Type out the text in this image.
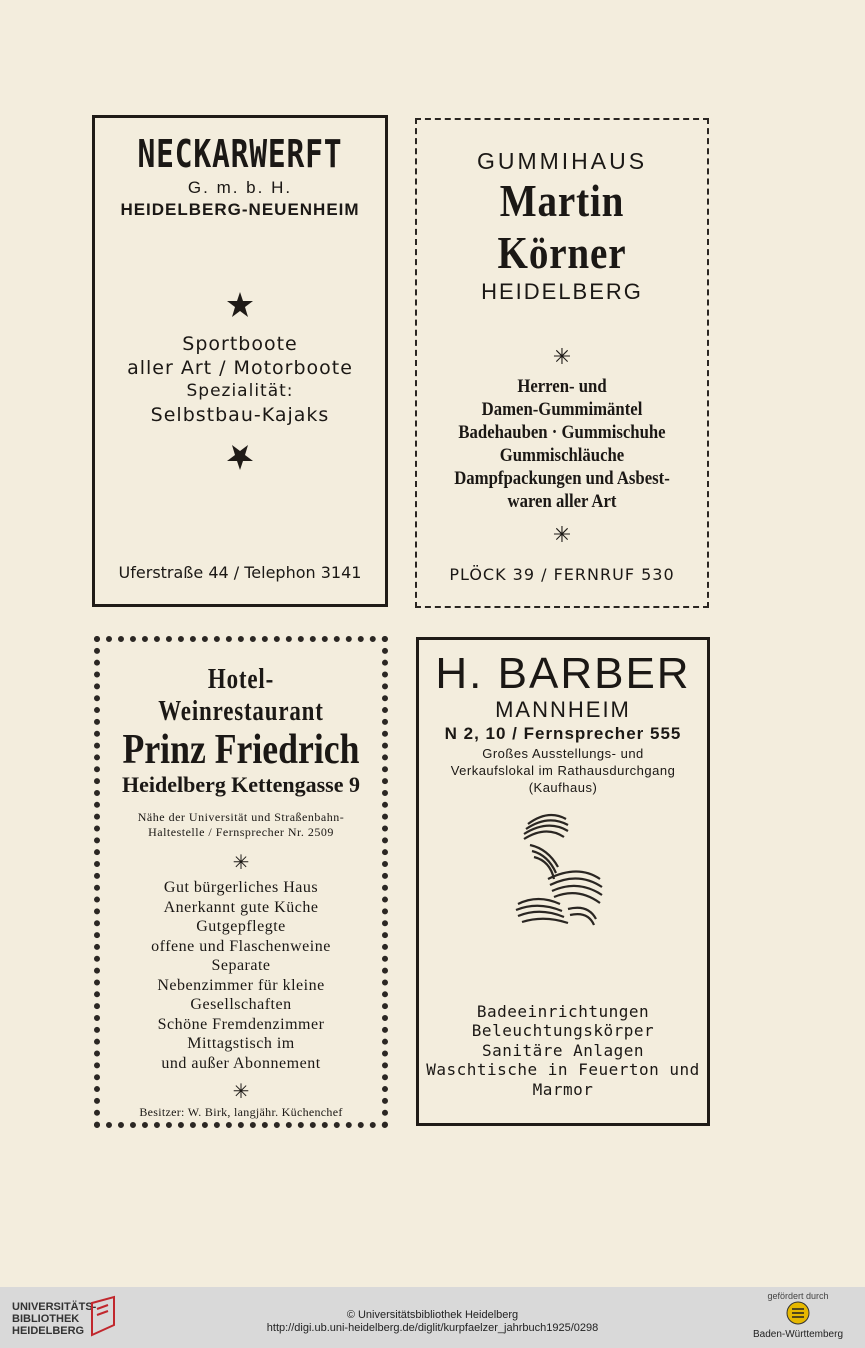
NECKARWERFT
G. m. b. H.
HEIDELBERG-NEUENHEIM
Sportboote
aller Art / Motorboote
Spezialität:
Selbstbau-Kajaks
Uferstraße 44 / Telephon 3141
GUMMIHAUS
Martin Körner
HEIDELBERG
✳
Herren- und
Damen-Gummimäntel
Badehauben · Gummischuhe
Gummischläuche
Dampfpackungen und Asbest-
waren aller Art
✳
PLÖCK 39 / FERNRUF 530
Hotel-Weinrestaurant
Prinz Friedrich
Heidelberg Kettengasse 9
Nähe der Universität und Straßenbahn-
Haltestelle / Fernsprecher Nr. 2509
✳
Gut bürgerliches Haus
Anerkannt gute Küche
Gutgepflegte
offene und Flaschenweine
Separate
Nebenzimmer für kleine
Gesellschaften
Schöne Fremdenzimmer
Mittagstisch im
und außer Abonnement
✳
Besitzer: W. Birk, langjähr. Küchenchef
H. BARBER
MANNHEIM
N 2, 10 / Fernsprecher 555
Großes Ausstellungs- und
Verkaufslokal im Rathausdurchgang
(Kaufhaus)
Badeeinrichtungen
Beleuchtungskörper
Sanitäre Anlagen
Waschtische in Feuerton und
Marmor
UNIVERSITÄTS-
BIBLIOTHEK
HEIDELBERG
© Universitätsbibliothek Heidelberg
http://digi.ub.uni-heidelberg.de/diglit/kurpfaelzer_jahrbuch1925/0298
gefördert durch
Baden-Württemberg
